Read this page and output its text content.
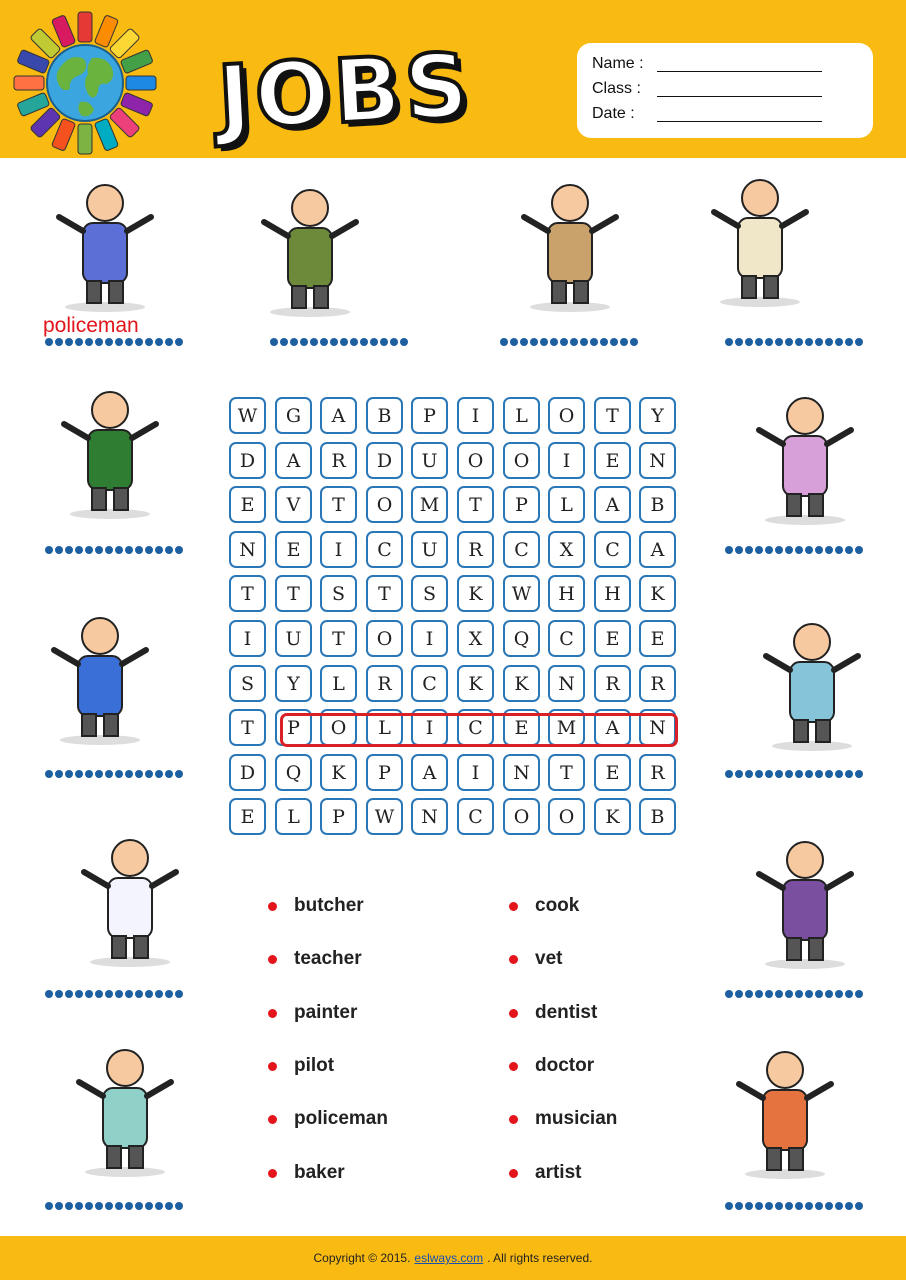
JOBS	Name :
Class :
Date :
policeman
W	G	A	B	P	I	L	O	T	Y
D	A	R	D	U	O	O	I	E	N
E	V	T	O	M	T	P	L	A	B
N	E	I	C	U	R	C	X	C	A
T	T	S	T	S	K	W	H	H	K
I	U	T	O	I	X	Q	C	E	E
S	Y	L	R	C	K	K	N	R	R
T	P	O	L	I	C	E	M	A	N
D	Q	K	P	A	I	N	T	E	R
E	L	P	W	N	C	O	O	K	B
butcher
teacher
painter
pilot
policeman
baker
cook
vet
dentist
doctor
musician
artist
Copyright © 2015. eslways.com . All rights reserved.
